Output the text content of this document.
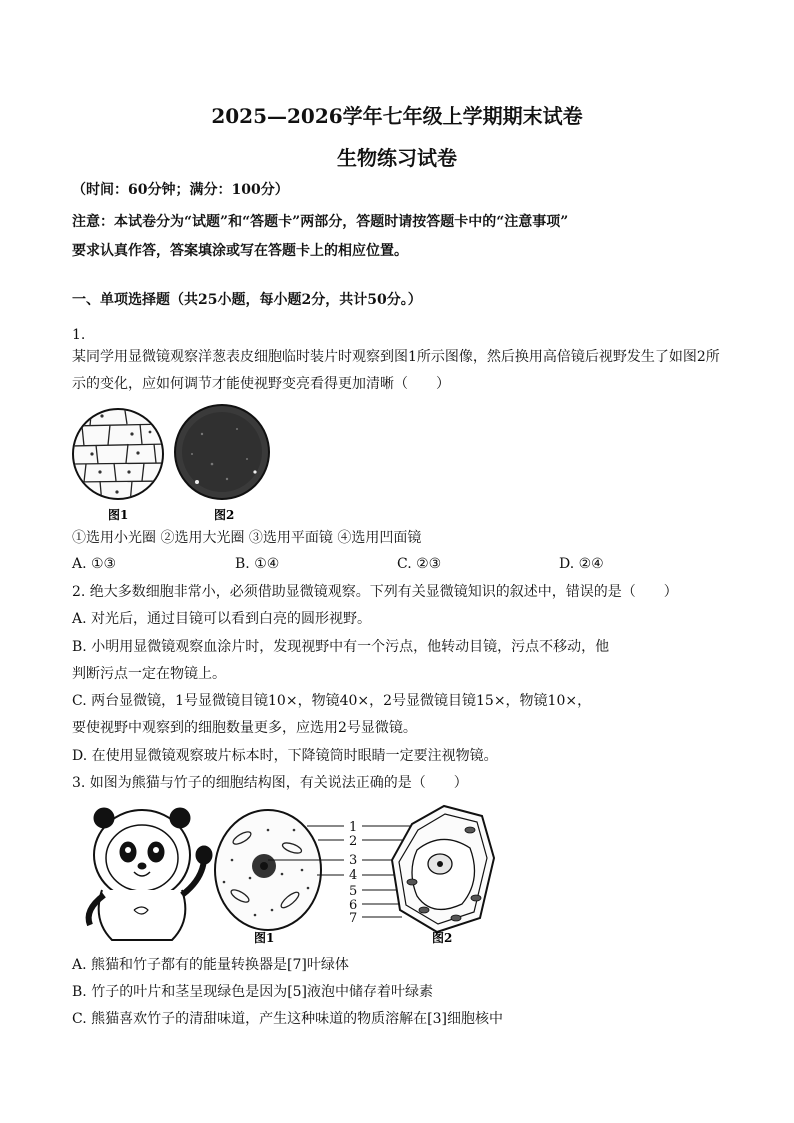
2025—2026学年七年级上学期期末试卷
生物练习试卷
（时间：60分钟；满分：100分）
注意：本试卷分为“试题”和“答题卡”两部分，答题时请按答题卡中的“注意事项”
要求认真作答，答案填涂或写在答题卡上的相应位置。
一、单项选择题（共25小题，每小题2分，共计50分。）
1.
某同学用显微镜观察洋葱表皮细胞临时装片时观察到图1所示图像，然后换用高倍镜后视野发生了如图2所
示的变化，应如何调节才能使视野变亮看得更加清晰（　　）
图1	图2
①选用小光圈 ②选用大光圈 ③选用平面镜 ④选用凹面镜
A. ①③	B. ①④	C. ②③	D. ②④
2. 绝大多数细胞非常小，必须借助显微镜观察。下列有关显微镜知识的叙述中，错误的是（　　）
A. 对光后，通过目镜可以看到白亮的圆形视野。
B. 小明用显微镜观察血涂片时，发现视野中有一个污点，他转动目镜，污点不移动，他
判断污点一定在物镜上。
C. 两台显微镜，1号显微镜目镜10×，物镜40×，2号显微镜目镜15×，物镜10×，
要使视野中观察到的细胞数量更多，应选用2号显微镜。
D. 在使用显微镜观察玻片标本时，下降镜筒时眼睛一定要注视物镜。
3. 如图为熊猫与竹子的细胞结构图，有关说法正确的是（　　）
1
2
3
4
5
6
7
图1	图2
A. 熊猫和竹子都有的能量转换器是[7]叶绿体
B. 竹子的叶片和茎呈现绿色是因为[5]液泡中储存着叶绿素
C. 熊猫喜欢竹子的清甜味道，产生这种味道的物质溶解在[3]细胞核中
